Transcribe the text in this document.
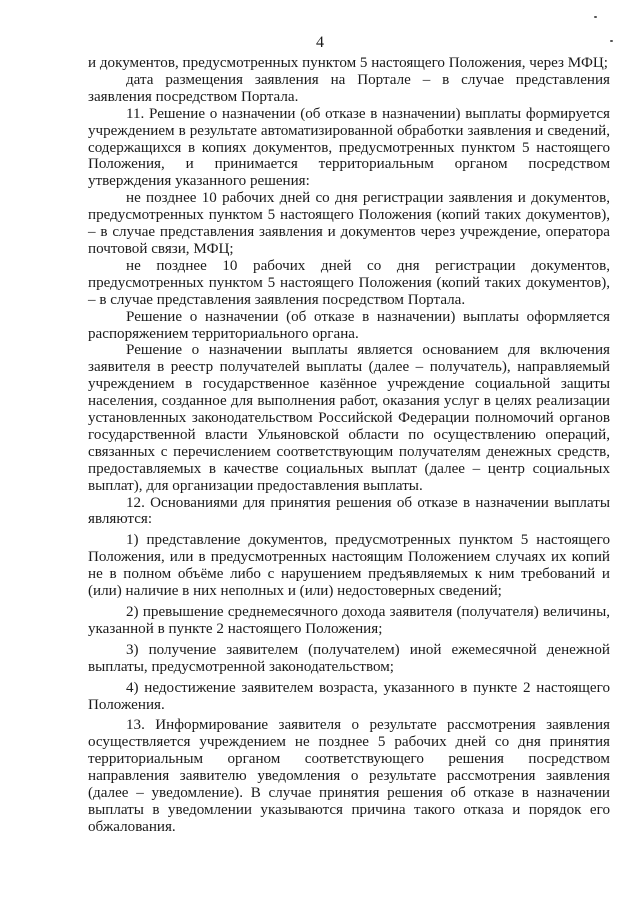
4

и документов, предусмотренных пунктом 5 настоящего Положения, через МФЦ;

дата размещения заявления на Портале – в случае представления заявления посредством Портала.

11. Решение о назначении (об отказе в назначении) выплаты формируется учреждением в результате автоматизированной обработки заявления и сведений, содержащихся в копиях документов, предусмотренных пунктом 5 настоящего Положения, и принимается территориальным органом посредством утверждения указанного решения:

не позднее 10 рабочих дней со дня регистрации заявления и документов, предусмотренных пунктом 5 настоящего Положения (копий таких документов), – в случае представления заявления и документов через учреждение, оператора почтовой связи, МФЦ;

не позднее 10 рабочих дней со дня регистрации документов, предусмотренных пунктом 5 настоящего Положения (копий таких документов), – в случае представления заявления посредством Портала.

Решение о назначении (об отказе в назначении) выплаты оформляется распоряжением территориального органа.

Решение о назначении выплаты является основанием для включения заявителя в реестр получателей выплаты (далее – получатель), направляемый учреждением в государственное казённое учреждение социальной защиты населения, созданное для выполнения работ, оказания услуг в целях реализации установленных законодательством Российской Федерации полномочий органов государственной власти Ульяновской области по осуществлению операций, связанных с перечислением соответствующим получателям денежных средств, предоставляемых в качестве социальных выплат (далее – центр социальных выплат), для организации предоставления выплаты.

12. Основаниями для принятия решения об отказе в назначении выплаты являются:

1) представление документов, предусмотренных пунктом 5 настоящего Положения, или в предусмотренных настоящим Положением случаях их копий не в полном объёме либо с нарушением предъявляемых к ним требований и (или) наличие в них неполных и (или) недостоверных сведений;

2) превышение среднемесячного дохода заявителя (получателя) величины, указанной в пункте 2 настоящего Положения;

3) получение заявителем (получателем) иной ежемесячной денежной выплаты, предусмотренной законодательством;

4) недостижение заявителем возраста, указанного в пункте 2 настоящего Положения.

13. Информирование заявителя о результате рассмотрения заявления осуществляется учреждением не позднее 5 рабочих дней со дня принятия территориальным органом соответствующего решения посредством направления заявителю уведомления о результате рассмотрения заявления (далее – уведомление). В случае принятия решения об отказе в назначении выплаты в уведомлении указываются причина такого отказа и порядок его обжалования.
